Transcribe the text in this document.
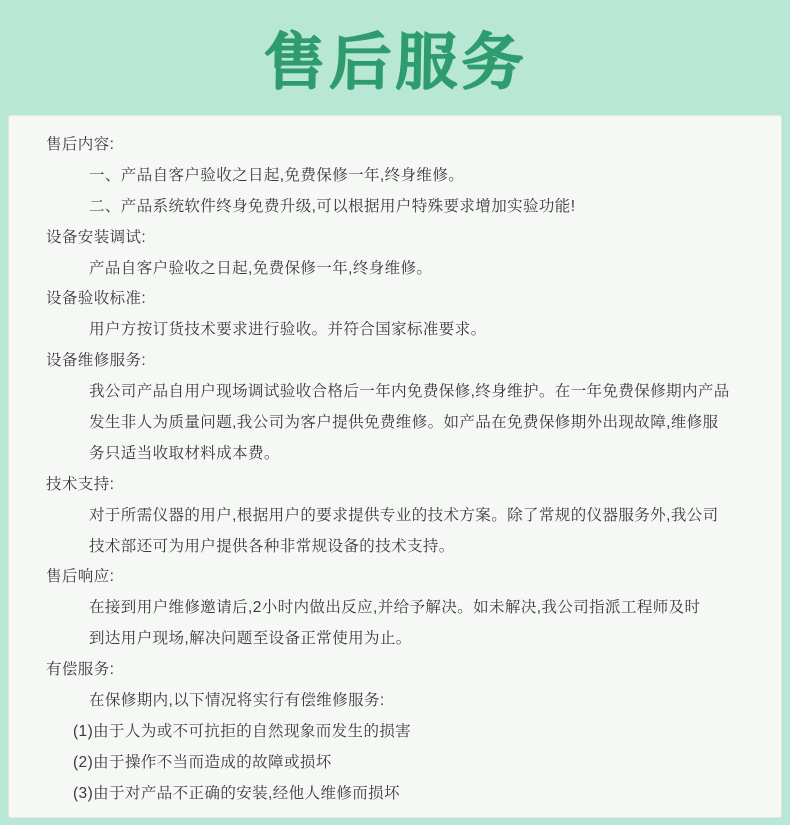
售后服务
售后内容:
一、产品自客户验收之日起,免费保修一年,终身维修。
二、产品系统软件终身免费升级,可以根据用户特殊要求增加实验功能!
设备安装调试:
产品自客户验收之日起,免费保修一年,终身维修。
设备验收标准:
用户方按订货技术要求进行验收。并符合国家标准要求。
设备维修服务:
我公司产品自用户现场调试验收合格后一年内免费保修,终身维护。在一年免费保修期内产品
发生非人为质量问题,我公司为客户提供免费维修。如产品在免费保修期外出现故障,维修服
务只适当收取材料成本费。
技术支持:
对于所需仪器的用户,根据用户的要求提供专业的技术方案。除了常规的仪器服务外,我公司
技术部还可为用户提供各种非常规设备的技术支持。
售后响应:
在接到用户维修邀请后,2小时内做出反应,并给予解决。如未解决,我公司指派工程师及时
到达用户现场,解决问题至设备正常使用为止。
有偿服务:
在保修期内,以下情况将实行有偿维修服务:
(1)由于人为或不可抗拒的自然现象而发生的损害
(2)由于操作不当而造成的故障或损坏
(3)由于对产品不正确的安装,经他人维修而损坏
